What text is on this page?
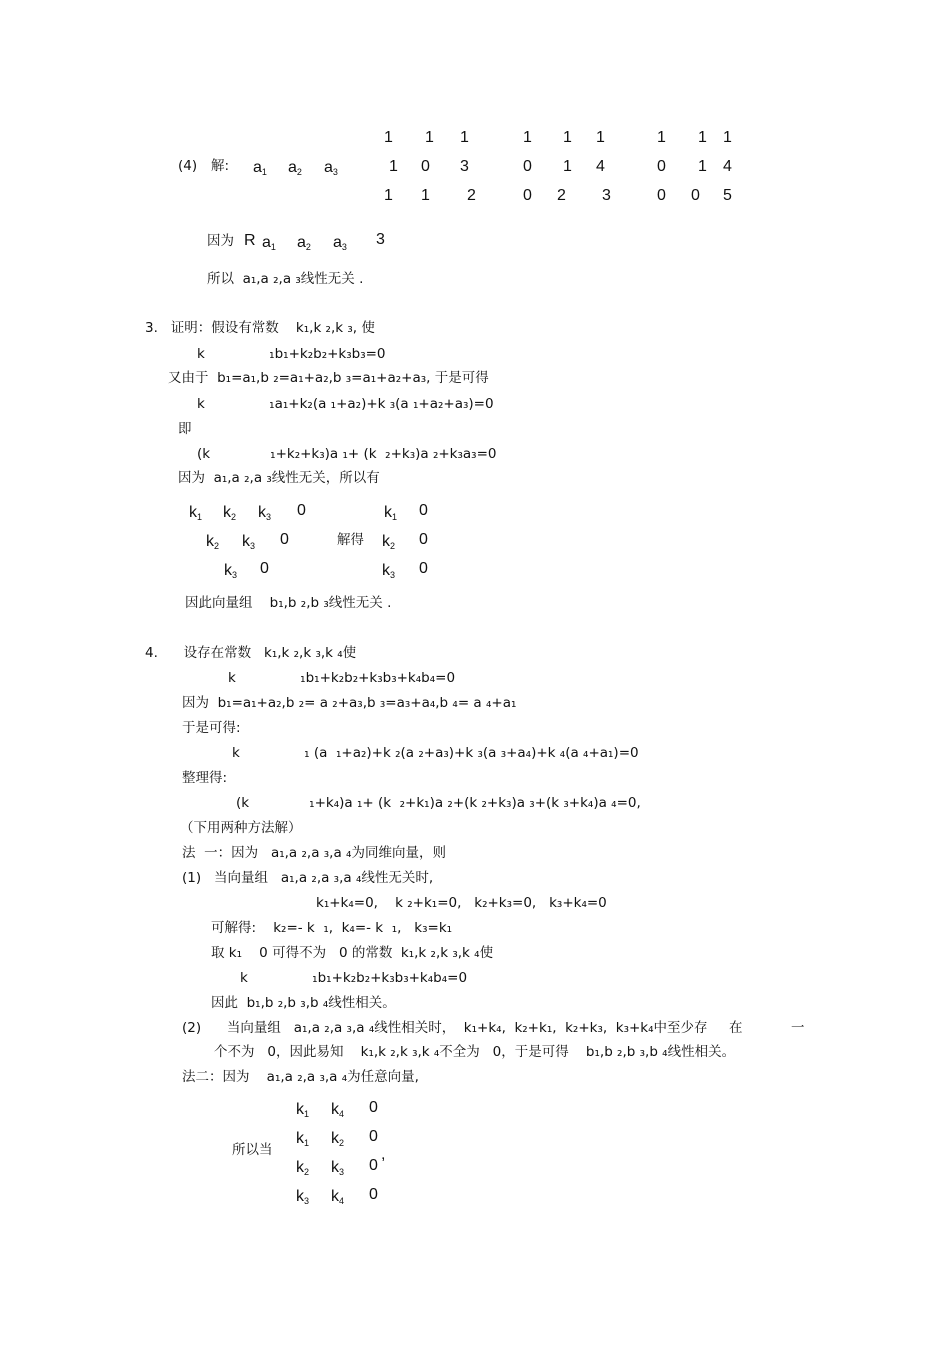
(4) 解: $a_1$ $a_2$ $a_3$
1 1 1
1 0 3
1 1 2
1 1 1
0 1 4
0 2 3
1 1 1
0 1 4
0 0 5
因为 R $a_1$ $a_2$ $a_3$ 3
所以  a₁,a ₂,a ₃线性无关 .
3.   证明：假设有常数    k₁,k ₂,k ₃, 使
k               ₁b₁+k₂b₂+k₃b₃=0
又由于  b₁=a₁,b ₂=a₁+a₂,b ₃=a₁+a₂+a₃, 于是可得
k               ₁a₁+k₂(a ₁+a₂)+k ₃(a ₁+a₂+a₃)=0
即
(k              ₁+k₂+k₃)a ₁+ (k  ₂+k₃)a ₂+k₃a₃=0
因为  a₁,a ₂,a ₃线性无关，所以有
$k_1$ $k_2$ $k_3$ 0
$k_2$ $k_3$ 0
$k_3$ 0
解得
$k_1$ 0
$k_2$ 0
$k_3$ 0
因此向量组    b₁,b ₂,b ₃线性无关 .
4.      设存在常数   k₁,k ₂,k ₃,k ₄使
k               ₁b₁+k₂b₂+k₃b₃+k₄b₄=0
因为  b₁=a₁+a₂,b ₂= a ₂+a₃,b ₃=a₃+a₄,b ₄= a ₄+a₁
于是可得:
k               ₁ (a  ₁+a₂)+k ₂(a ₂+a₃)+k ₃(a ₃+a₄)+k ₄(a ₄+a₁)=0
整理得:
(k              ₁+k₄)a ₁+ (k  ₂+k₁)a ₂+(k ₂+k₃)a ₃+(k ₃+k₄)a ₄=0,
（下用两种方法解）
法  一：因为   a₁,a ₂,a ₃,a ₄为同维向量，则
(1)   当向量组   a₁,a ₂,a ₃,a ₄线性无关时,
k₁+k₄=0,    k ₂+k₁=0,   k₂+k₃=0,   k₃+k₄=0
可解得:    k₂=- k  ₁,  k₄=- k  ₁,   k₃=k₁
取 k₁    0 可得不为   0 的常数  k₁,k ₂,k ₃,k ₄使
k               ₁b₁+k₂b₂+k₃b₃+k₄b₄=0
因此  b₁,b ₂,b ₃,b ₄线性相关。
(2)      当向量组   a₁,a ₂,a ₃,a ₄线性相关时，  k₁+k₄,  k₂+k₁,  k₂+k₃,  k₃+k₄中至少存     在	一
个不为   0，因此易知    k₁,k ₂,k ₃,k ₄不全为   0，于是可得    b₁,b ₂,b ₃,b ₄线性相关。
法二：因为    a₁,a ₂,a ₃,a ₄为任意向量,
所以当
$k_1$ $k_4$ 0
$k_1$ $k_2$ 0
$k_2$ $k_3$ 0
,
$k_3$ $k_4$ 0
